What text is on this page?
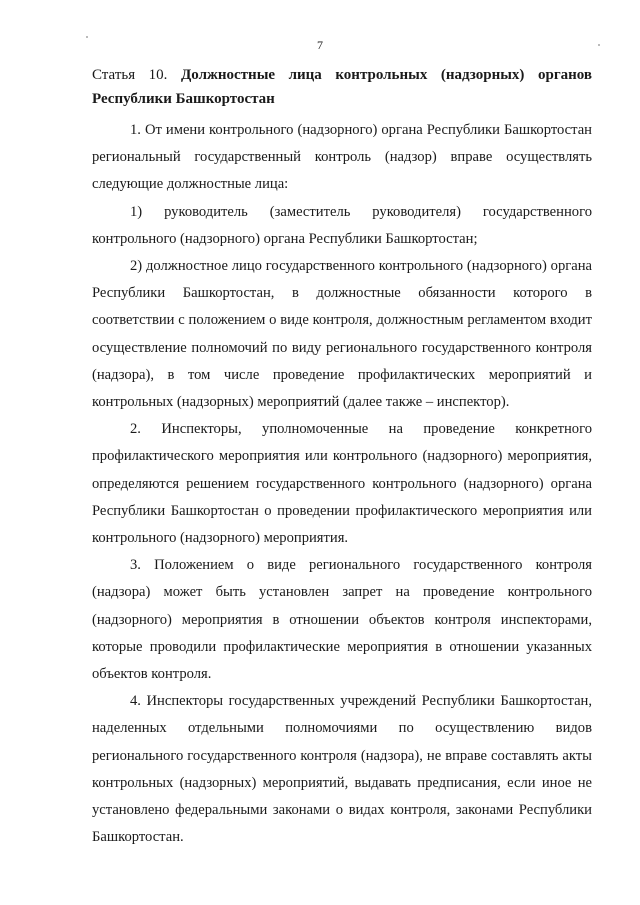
7
Статья 10. Должностные лица контрольных (надзорных) органов Республики Башкортостан

1. От имени контрольного (надзорного) органа Республики Башкортостан региональный государственный контроль (надзор) вправе осуществлять следующие должностные лица:

1) руководитель (заместитель руководителя) государственного контрольного (надзорного) органа Республики Башкортостан;

2) должностное лицо государственного контрольного (надзорного) органа Республики Башкортостан, в должностные обязанности которого в соответствии с положением о виде контроля, должностным регламентом входит осуществление полномочий по виду регионального государственного контроля (надзора), в том числе проведение профилактических мероприятий и контрольных (надзорных) мероприятий (далее также – инспектор).

2. Инспекторы, уполномоченные на проведение конкретного профилактического мероприятия или контрольного (надзорного) мероприятия, определяются решением государственного контрольного (надзорного) органа Республики Башкортостан о проведении профилактического мероприятия или контрольного (надзорного) мероприятия.

3. Положением о виде регионального государственного контроля (надзора) может быть установлен запрет на проведение контрольного (надзорного) мероприятия в отношении объектов контроля инспекторами, которые проводили профилактические мероприятия в отношении указанных объектов контроля.

4. Инспекторы государственных учреждений Республики Башкортостан, наделенных отдельными полномочиями по осуществлению видов регионального государственного контроля (надзора), не вправе составлять акты контрольных (надзорных) мероприятий, выдавать предписания, если иное не установлено федеральными законами о видах контроля, законами Республики Башкортостан.
